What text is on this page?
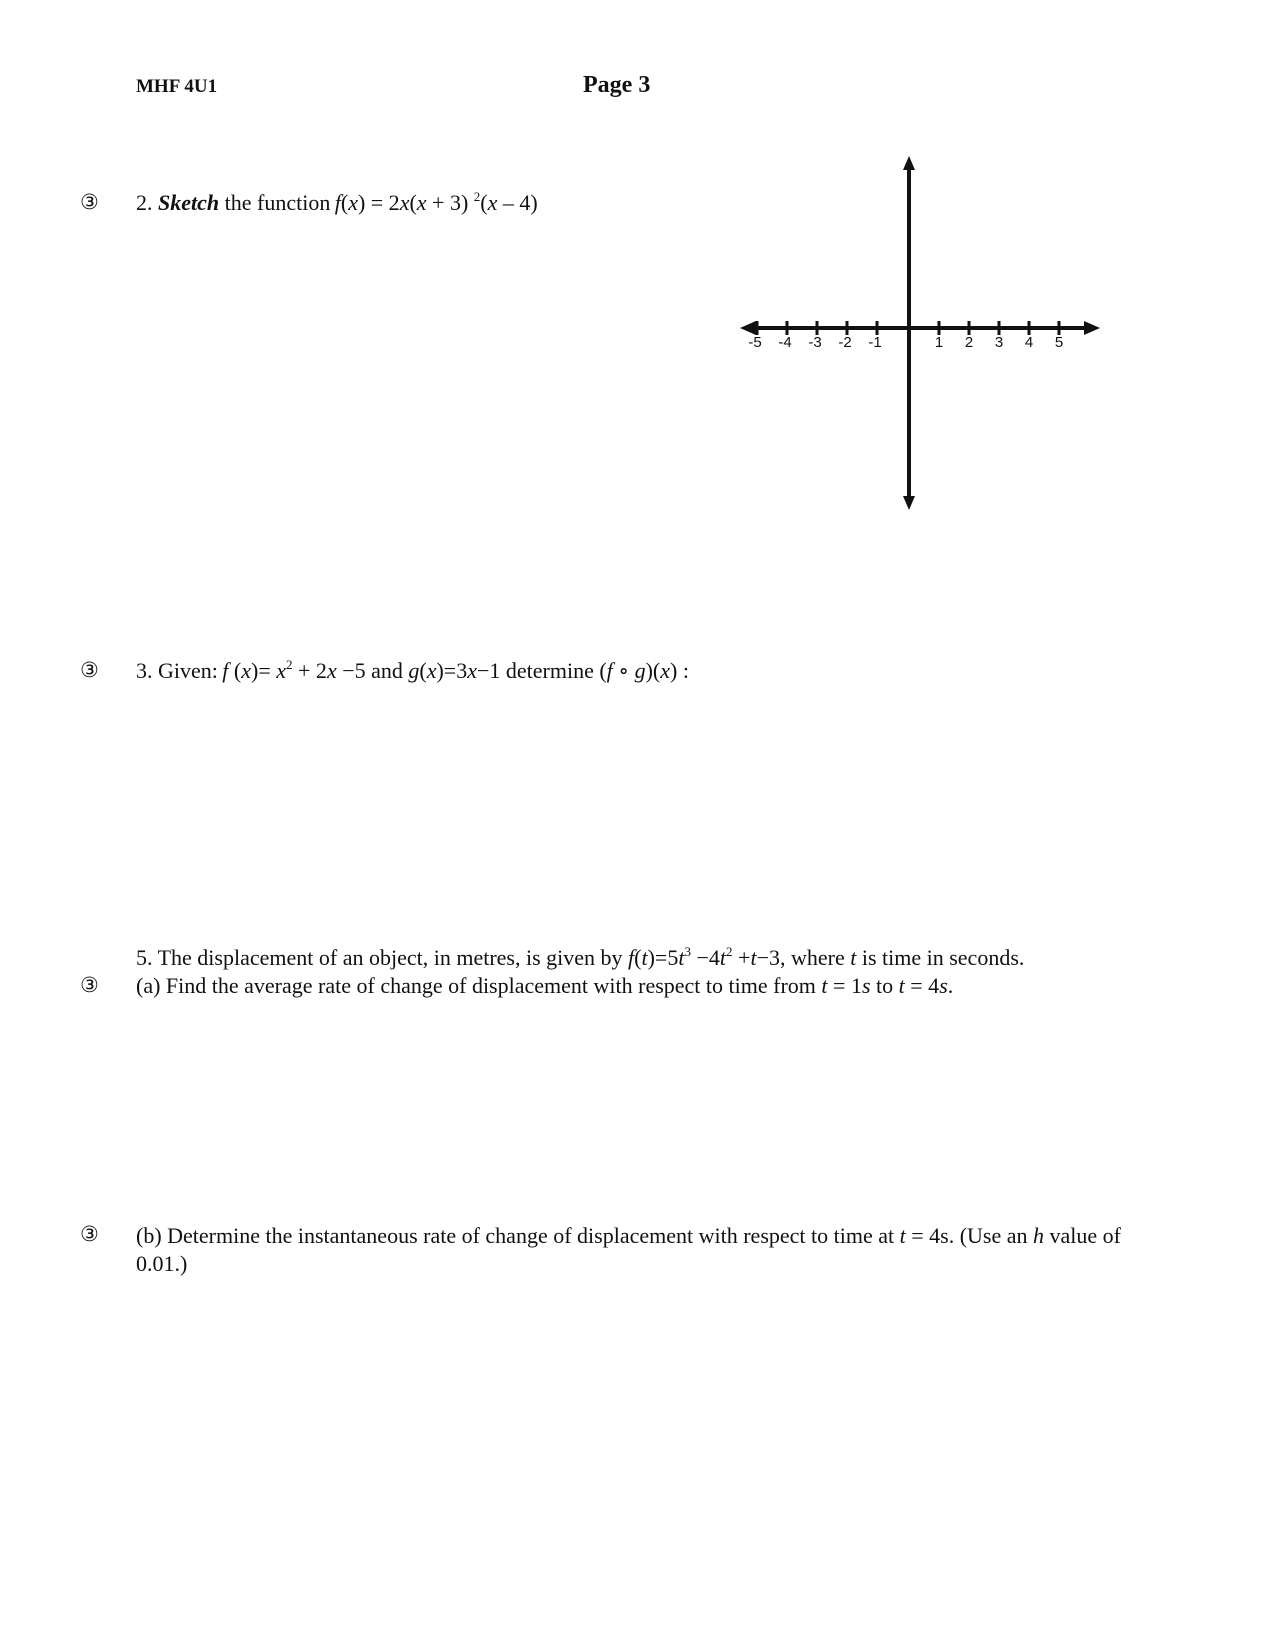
MHF 4U1	Page 3
③ 2. Sketch the function  f(x) = 2x(x + 3) $^2$(x – 4)
-5 -4 -3 -2 -1	1 2 3 4 5
③ 3. Given:  f $(x)= x^2 + 2x -5$ and g(x)=3x−1 determine (f ∘ g)(x) :
5. The displacement of an object, in metres, is given by $f(t)=5t^3 -4t^2 +t-3$, where t is time in seconds.
③ (a) Find the average rate of change of displacement with respect to time from t = 1s to t = 4s.
③ (b) Determine the instantaneous rate of change of displacement with respect to time at t = 4s. (Use an h value of 0.01.)
